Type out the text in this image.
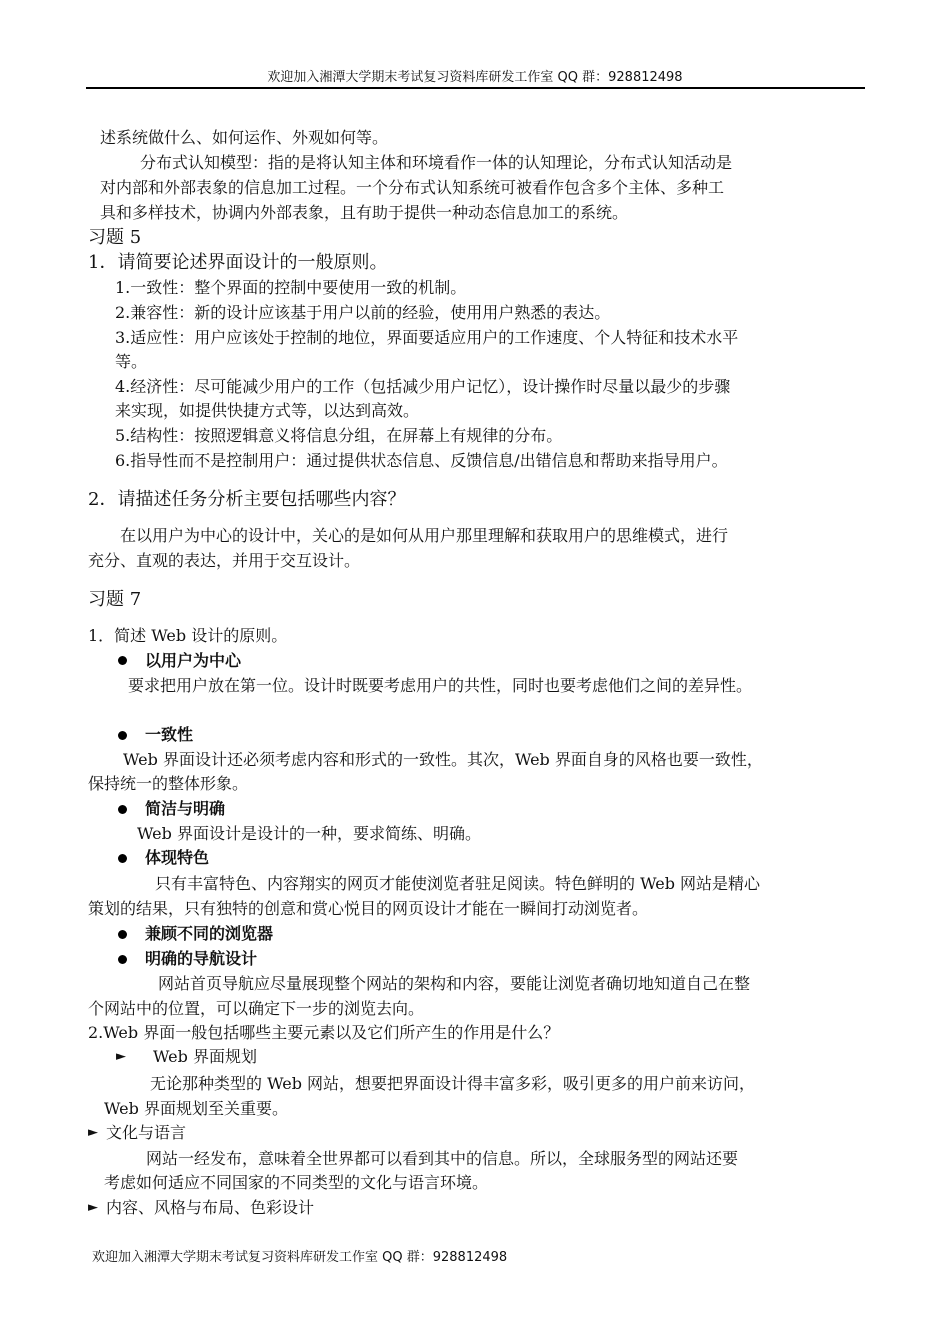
欢迎加入湘潭大学期末考试复习资料库研发工作室 QQ 群：928812498
述系统做什么、如何运作、外观如何等。
分布式认知模型：指的是将认知主体和环境看作一体的认知理论，分布式认知活动是
对内部和外部表象的信息加工过程。一个分布式认知系统可被看作包含多个主体、多种工
具和多样技术，协调内外部表象，且有助于提供一种动态信息加工的系统。
习题 5
1．请简要论述界面设计的一般原则。
1.一致性：整个界面的控制中要使用一致的机制。
2.兼容性：新的设计应该基于用户以前的经验，使用用户熟悉的表达。
3.适应性：用户应该处于控制的地位，界面要适应用户的工作速度、个人特征和技术水平
等。
4.经济性：尽可能减少用户的工作（包括减少用户记忆），设计操作时尽量以最少的步骤
来实现，如提供快捷方式等，以达到高效。
5.结构性：按照逻辑意义将信息分组，在屏幕上有规律的分布。
6.指导性而不是控制用户：通过提供状态信息、反馈信息/出错信息和帮助来指导用户。
2．请描述任务分析主要包括哪些内容？
在以用户为中心的设计中，关心的是如何从用户那里理解和获取用户的思维模式，进行
充分、直观的表达，并用于交互设计。
习题 7
1．简述 Web 设计的原则。
以用户为中心
要求把用户放在第一位。设计时既要考虑用户的共性，同时也要考虑他们之间的差异性。
一致性
Web 界面设计还必须考虑内容和形式的一致性。其次，Web 界面自身的风格也要一致性，
保持统一的整体形象。
简洁与明确
Web 界面设计是设计的一种，要求简练、明确。
体现特色
只有丰富特色、内容翔实的网页才能使浏览者驻足阅读。特色鲜明的 Web 网站是精心
策划的结果，只有独特的创意和赏心悦目的网页设计才能在一瞬间打动浏览者。
兼顾不同的浏览器
明确的导航设计
网站首页导航应尽量展现整个网站的架构和内容，要能让浏览者确切地知道自己在整
个网站中的位置，可以确定下一步的浏览去向。
2.Web 界面一般包括哪些主要元素以及它们所产生的作用是什么？
► Web 界面规划
无论那种类型的 Web 网站，想要把界面设计得丰富多彩，吸引更多的用户前来访问，
Web 界面规划至关重要。
► 文化与语言
网站一经发布，意味着全世界都可以看到其中的信息。所以，全球服务型的网站还要
考虑如何适应不同国家的不同类型的文化与语言环境。
► 内容、风格与布局、色彩设计
欢迎加入湘潭大学期末考试复习资料库研发工作室 QQ 群：928812498
